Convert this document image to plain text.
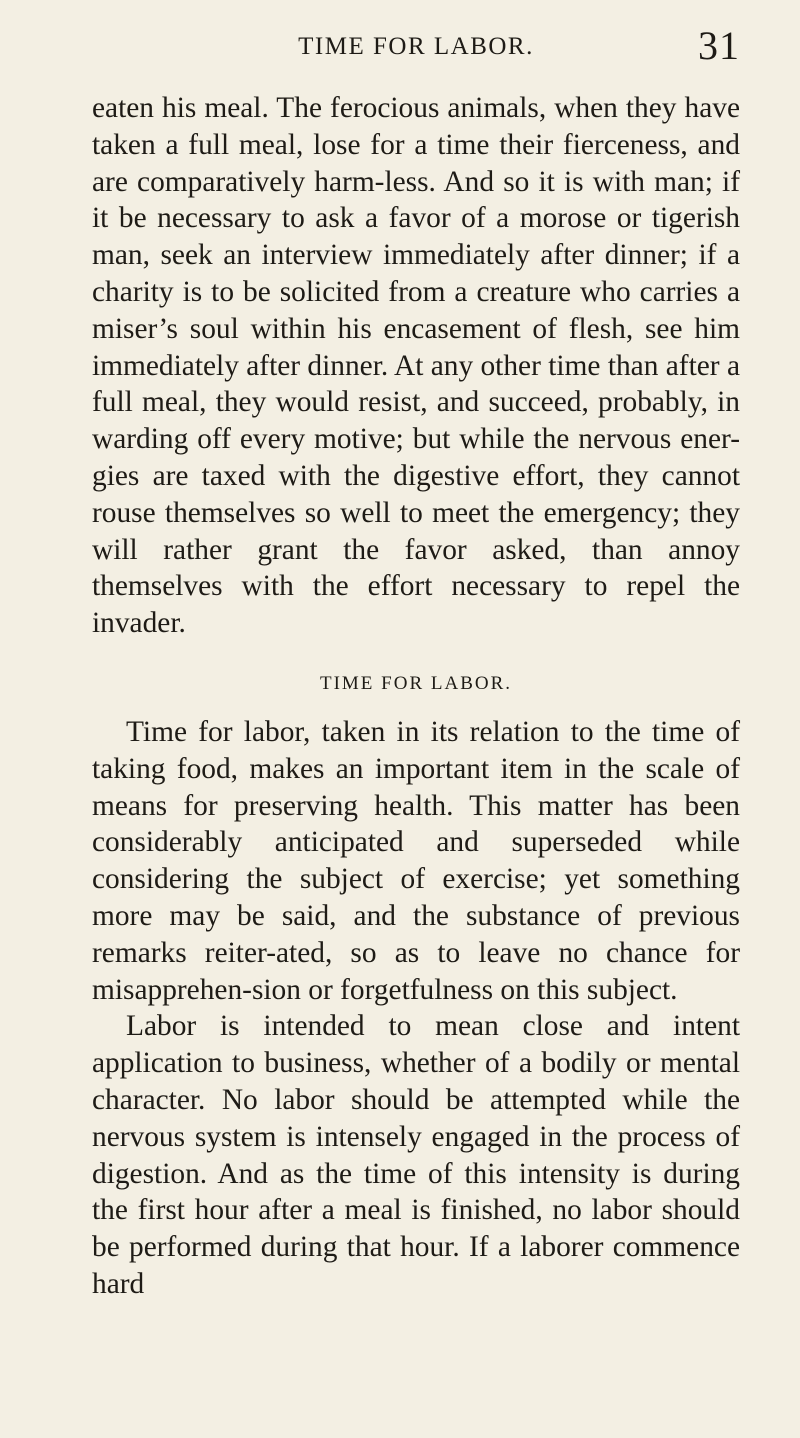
TIME FOR LABOR.	31

eaten his meal. The ferocious animals, when they have taken a full meal, lose for a time their fierceness, and are comparatively harm-less. And so it is with man; if it be necessary to ask a favor of a morose or tigerish man, seek an interview immediately after dinner; if a charity is to be solicited from a creature who carries a miser’s soul within his encasement of flesh, see him immediately after dinner. At any other time than after a full meal, they would resist, and succeed, probably, in warding off every motive; but while the nervous ener-gies are taxed with the digestive effort, they cannot rouse themselves so well to meet the emergency; they will rather grant the favor asked, than annoy themselves with the effort necessary to repel the invader.

TIME FOR LABOR.

Time for labor, taken in its relation to the time of taking food, makes an important item in the scale of means for preserving health. This matter has been considerably anticipated and superseded while considering the subject of exercise; yet something more may be said, and the substance of previous remarks reiter-ated, so as to leave no chance for misapprehen-sion or forgetfulness on this subject.

Labor is intended to mean close and intent application to business, whether of a bodily or mental character. No labor should be attempted while the nervous system is intensely engaged in the process of digestion. And as the time of this intensity is during the first hour after a meal is finished, no labor should be performed during that hour. If a laborer commence hard
